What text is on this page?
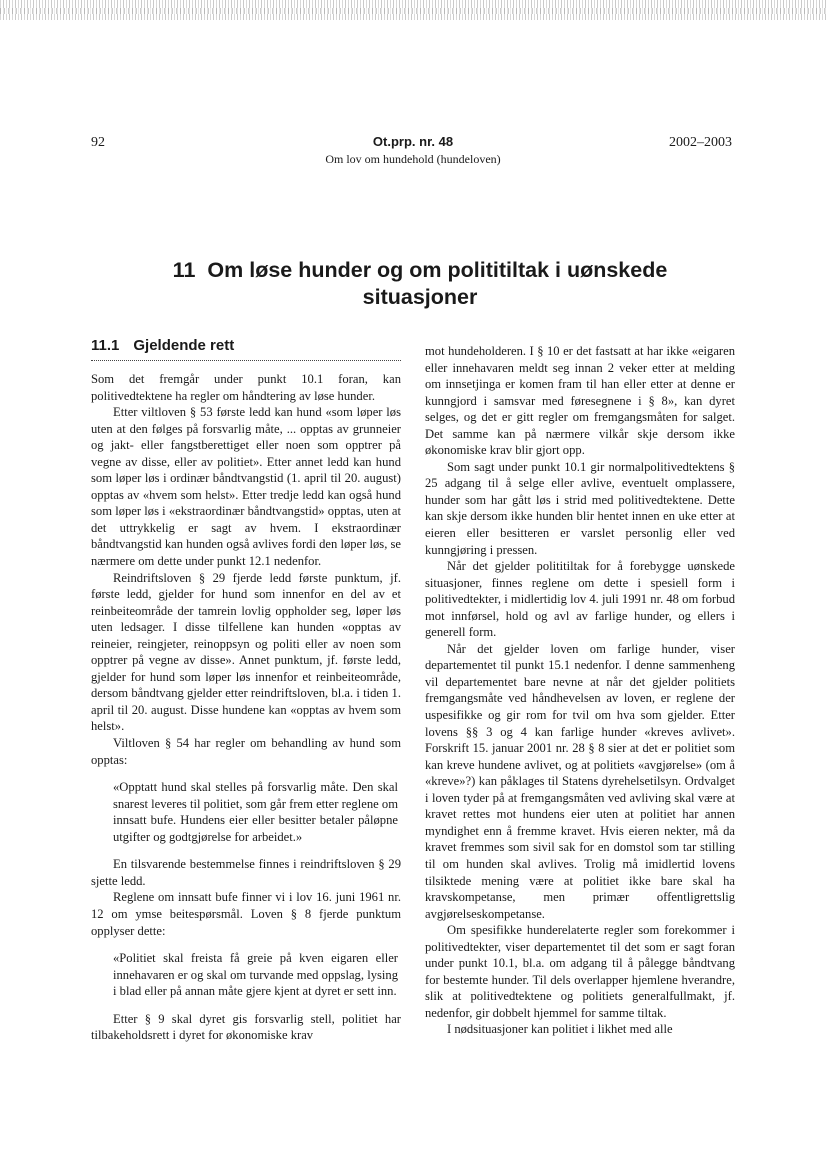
92	Ot.prp. nr. 48
Om lov om hundehold (hundeloven)
2002–2003
11 Om løse hunder og om polititiltak i uønskede situasjoner
11.1 Gjeldende rett

Som det fremgår under punkt 10.1 foran, kan politivedtektene ha regler om håndtering av løse hunder.

Etter viltloven § 53 første ledd kan hund «som løper løs uten at den følges på forsvarlig måte, ... opptas av grunneier og jakt- eller fangstberettiget eller noen som opptrer på vegne av disse, eller av politiet». Etter annet ledd kan hund som løper løs i ordinær båndtvangstid (1. april til 20. august) opptas av «hvem som helst». Etter tredje ledd kan også hund som løper løs i «ekstraordinær båndtvangstid» opptas, uten at det uttrykkelig er sagt av hvem. I ekstraordinær båndtvangstid kan hunden også avlives fordi den løper løs, se nærmere om dette under punkt 12.1 nedenfor.

Reindriftsloven § 29 fjerde ledd første punktum, jf. første ledd, gjelder for hund som innenfor en del av et reinbeiteområde der tamrein lovlig oppholder seg, løper løs uten ledsager. I disse tilfellene kan hunden «opptas av reineier, reingjeter, reinoppsyn og politi eller av noen som opptrer på vegne av disse». Annet punktum, jf. første ledd, gjelder for hund som løper løs innenfor et reinbeiteområde, dersom båndtvang gjelder etter reindriftsloven, bl.a. i tiden 1. april til 20. august. Disse hundene kan «opptas av hvem som helst».

Viltloven § 54 har regler om behandling av hund som opptas:

«Opptatt hund skal stelles på forsvarlig måte. Den skal snarest leveres til politiet, som går frem etter reglene om innsatt bufe. Hundens eier eller besitter betaler påløpne utgifter og godtgjørelse for arbeidet.»

En tilsvarende bestemmelse finnes i reindriftsloven § 29 sjette ledd.

Reglene om innsatt bufe finner vi i lov 16. juni 1961 nr. 12 om ymse beitespørsmål. Loven § 8 fjerde punktum opplyser dette:

«Politiet skal freista få greie på kven eigaren eller innehavaren er og skal om turvande med oppslag, lysing i blad eller på annan måte gjere kjent at dyret er sett inn.

Etter § 9 skal dyret gis forsvarlig stell, politiet har tilbakeholdsrett i dyret for økonomiske krav

mot hundeholderen. I § 10 er det fastsatt at har ikke «eigaren eller innehavaren meldt seg innan 2 veker etter at melding om innsetjinga er komen fram til han eller etter at denne er kunngjord i samsvar med føresegnene i § 8», kan dyret selges, og det er gitt regler om fremgangsmåten for salget. Det samme kan på nærmere vilkår skje dersom ikke økonomiske krav blir gjort opp.

Som sagt under punkt 10.1 gir normalpolitivedtektens § 25 adgang til å selge eller avlive, eventuelt omplassere, hunder som har gått løs i strid med politivedtektene. Dette kan skje dersom ikke hunden blir hentet innen en uke etter at eieren eller besitteren er varslet personlig eller ved kunngjøring i pressen.

Når det gjelder polititiltak for å forebygge uønskede situasjoner, finnes reglene om dette i spesiell form i politivedtekter, i midlertidig lov 4. juli 1991 nr. 48 om forbud mot innførsel, hold og avl av farlige hunder, og ellers i generell form.

Når det gjelder loven om farlige hunder, viser departementet til punkt 15.1 nedenfor. I denne sammenheng vil departementet bare nevne at når det gjelder politiets fremgangsmåte ved håndhevelsen av loven, er reglene der uspesifikke og gir rom for tvil om hva som gjelder. Etter lovens §§ 3 og 4 kan farlige hunder «kreves avlivet». Forskrift 15. januar 2001 nr. 28 § 8 sier at det er politiet som kan kreve hundene avlivet, og at politiets «avgjørelse» (om å «kreve»?) kan påklages til Statens dyrehelsetilsyn. Ordvalget i loven tyder på at fremgangsmåten ved avliving skal være at kravet rettes mot hundens eier uten at politiet har annen myndighet enn å fremme kravet. Hvis eieren nekter, må da kravet fremmes som sivil sak for en domstol som tar stilling til om hunden skal avlives. Trolig må imidlertid lovens tilsiktede mening være at politiet ikke bare skal ha kravskompetanse, men primær offentligrettslig avgjørelseskompetanse.

Om spesifikke hunderelaterte regler som forekommer i politivedtekter, viser departementet til det som er sagt foran under punkt 10.1, bl.a. om adgang til å pålegge båndtvang for bestemte hunder. Til dels overlapper hjemlene hverandre, slik at politivedtektene og politiets generalfullmakt, jf. nedenfor, gir dobbelt hjemmel for samme tiltak.

I nødsituasjoner kan politiet i likhet med alle
